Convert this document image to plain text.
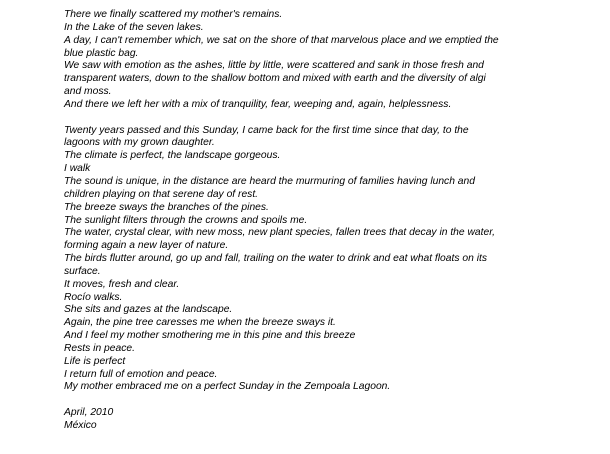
There we finally scattered my mother's remains.
In the Lake of the seven lakes.
A day, I can't remember which, we sat on the shore of that marvelous place and we emptied the
blue plastic bag.
We saw with emotion as the ashes, little by little, were scattered and sank in those fresh and
transparent waters, down to the shallow bottom and mixed with earth and the diversity of algi
and moss.
And there we left her with a mix of tranquility, fear, weeping and, again, helplessness.
Twenty years passed and this Sunday, I came back for the first time since that day, to the
lagoons with my grown daughter.
The climate is perfect, the landscape gorgeous.
I walk
The sound is unique, in the distance are heard the murmuring of families having lunch and
children playing on that serene day of rest.
The breeze sways the branches of the pines.
The sunlight filters through the crowns and spoils me.
The water, crystal clear, with new moss, new plant species, fallen trees that decay in the water,
forming again a new layer of nature.
The birds flutter around, go up and fall, trailing on the water to drink and eat what floats on its
surface.
It moves, fresh and clear.
Rocío walks.
She sits and gazes at the landscape.
Again, the pine tree caresses me when the breeze sways it.
And I feel my mother smothering me in this pine and this breeze
Rests in peace.
Life is perfect
I return full of emotion and peace.
My mother embraced me on a perfect Sunday in the Zempoala Lagoon.
April, 2010
México
